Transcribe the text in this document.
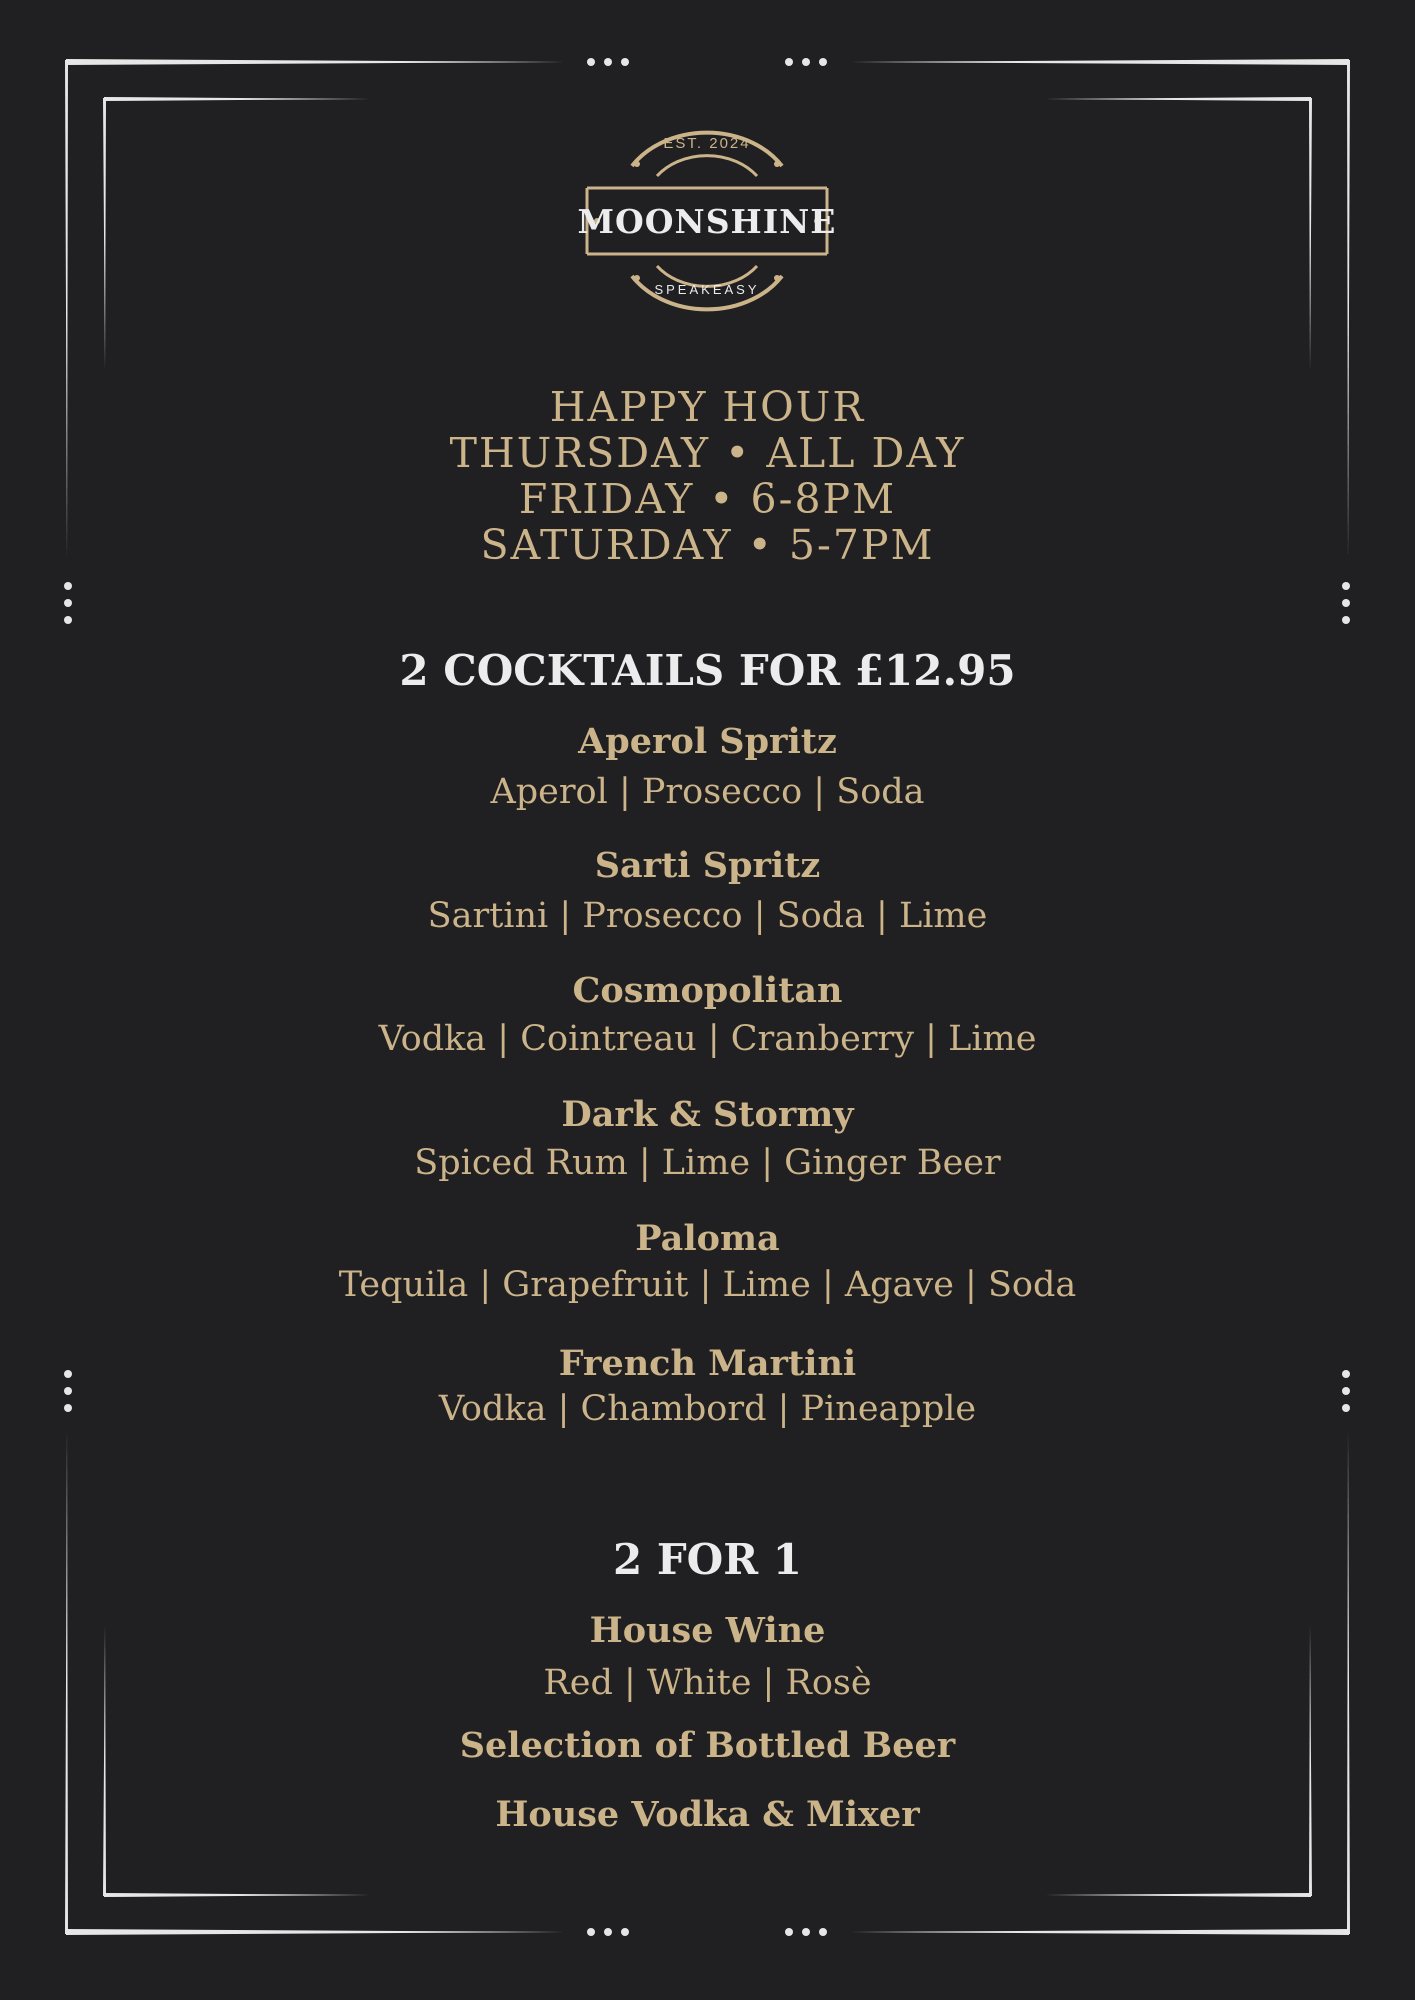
EST. 2024
MOONSHINE
SPEAKEASY
HAPPY HOUR
THURSDAY • ALL DAY
FRIDAY • 6-8PM
SATURDAY • 5-7PM
2 COCKTAILS FOR £12.95
Aperol Spritz
Aperol | Prosecco | Soda
Sarti Spritz
Sartini | Prosecco | Soda | Lime
Cosmopolitan
Vodka | Cointreau | Cranberry | Lime
Dark & Stormy
Spiced Rum | Lime | Ginger Beer
Paloma
Tequila | Grapefruit | Lime | Agave | Soda
French Martini
Vodka | Chambord | Pineapple
2 FOR 1
House Wine
Red | White | Rosè
Selection of Bottled Beer
House Vodka & Mixer
